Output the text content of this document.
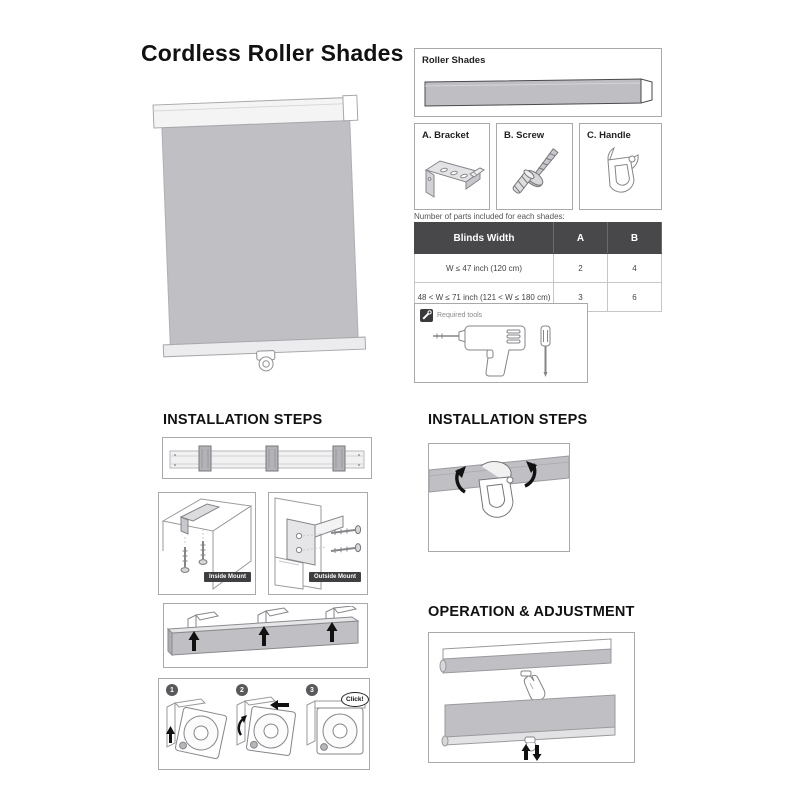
Cordless Roller Shades Roller Shades
A. Bracket	B. Screw	C. Handle
Number of parts included for each shades:
Blinds Width	A	B
W ≤ 47 inch (120 cm)	2	4
48 < W ≤ 71 inch (121 < W ≤ 180 cm)	3	6
Required tools
INSTALLATION STEPS
Inside Mount	Outside Mount
1	2	3
Click!
INSTALLATION STEPS
OPERATION & ADJUSTMENT
